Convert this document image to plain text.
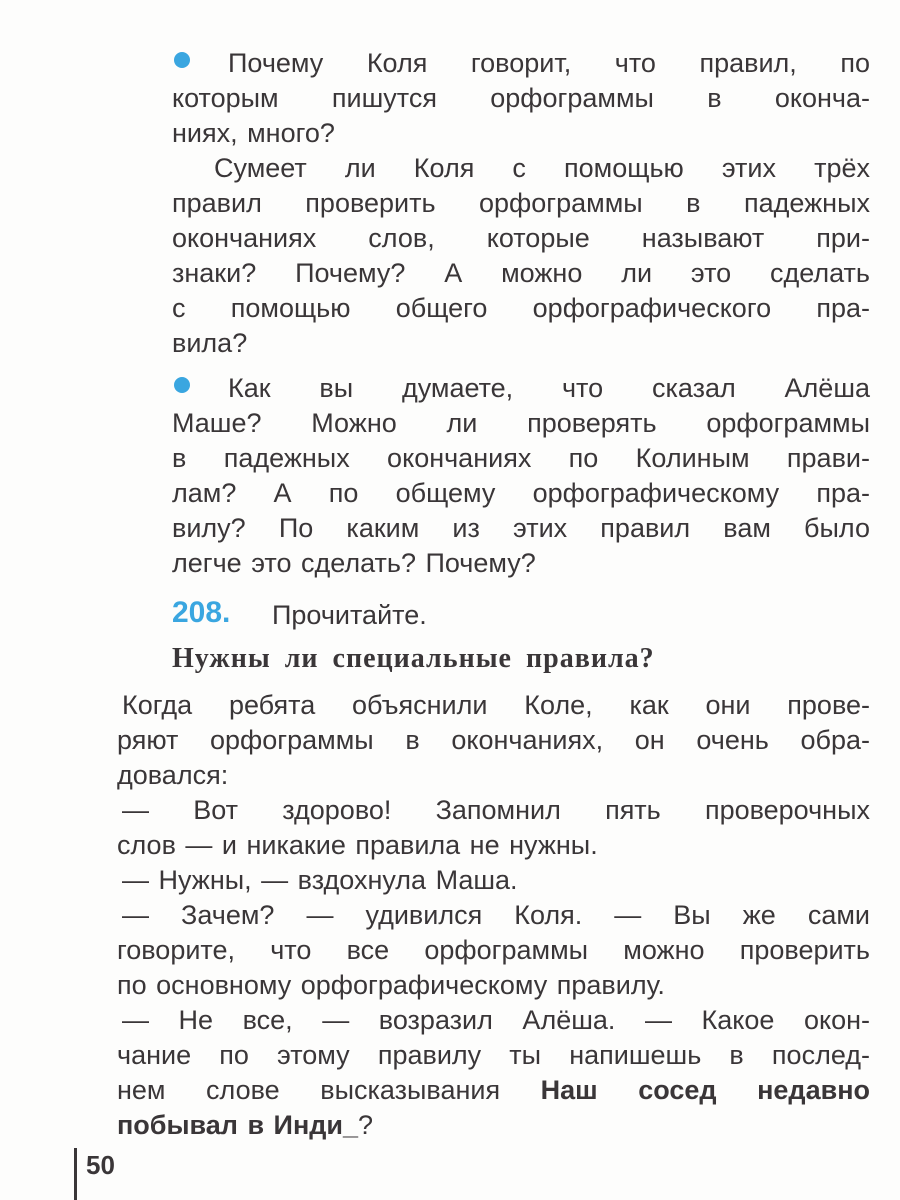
Почему Коля говорит, что правил, по
которым пишутся орфограммы в оконча-
ниях, много?
Сумеет ли Коля с помощью этих трёх
правил проверить орфограммы в падежных
окончаниях слов, которые называют при-
знаки? Почему? А можно ли это сделать
с помощью общего орфографического пра-
вила?
Как вы думаете, что сказал Алёша
Маше? Можно ли проверять орфограммы
в падежных окончаниях по Колиным прави-
лам? А по общему орфографическому пра-
вилу? По каким из этих правил вам было
легче это сделать? Почему?
208. Прочитайте.
Нужны ли специальные правила?
Когда ребята объяснили Коле, как они прове-
ряют орфограммы в окончаниях, он очень обра-
довался:
— Вот здорово! Запомнил пять проверочных
слов — и никакие правила не нужны.
— Нужны, — вздохнула Маша.
— Зачем? — удивился Коля. — Вы же сами
говорите, что все орфограммы можно проверить
по основному орфографическому правилу.
— Не все, — возразил Алёша. — Какое окон-
чание по этому правилу ты напишешь в послед-
нем слове высказывания Наш сосед недавно
побывал в Инди_?
50
